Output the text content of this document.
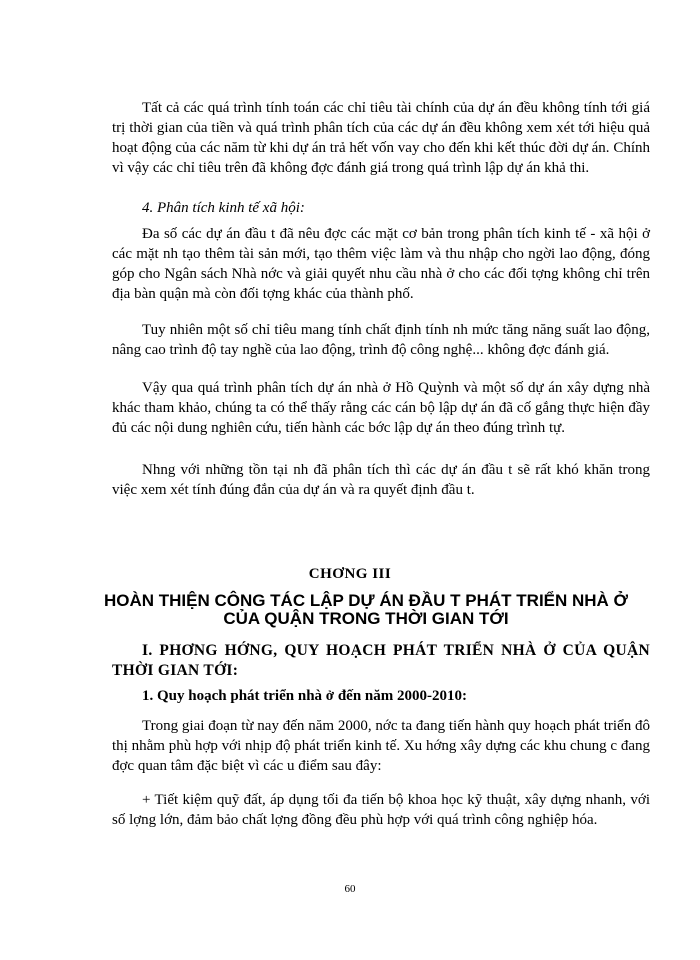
Tất cả các quá trình tính toán các chỉ tiêu tài chính của dự án đều không tính tới giá trị thời gian của tiền và quá trình phân tích của các dự án đều không xem xét tới hiệu quả hoạt động của các năm từ khi dự án trả hết vốn vay cho đến khi kết thúc đời dự án. Chính vì vậy các chỉ tiêu trên đã không đợc đánh giá trong quá trình lập dự án khả thi.

4. Phân tích kinh tế xã hội:

Đa số các dự án đầu t đã nêu đợc các mặt cơ bản trong phân tích kinh tế - xã hội ở các mặt nh tạo thêm tài sản mới, tạo thêm việc làm và thu nhập cho ngời lao động, đóng góp cho Ngân sách Nhà nớc và giải quyết nhu cầu nhà ở cho các đối tợng không chỉ trên địa bàn quận mà còn đối tợng khác của thành phố.

Tuy nhiên một số chỉ tiêu mang tính chất định tính nh mức tăng năng suất lao động, nâng cao trình độ tay nghề của lao động, trình độ công nghệ... không đợc đánh giá.

Vậy qua quá trình phân tích dự án nhà ở Hồ Quỳnh và một số dự án xây dựng nhà khác tham khảo, chúng ta có thể thấy rằng các cán bộ lập dự án đã cố gắng thực hiện đầy đủ các nội dung nghiên cứu, tiến hành các bớc lập dự án theo đúng trình tự.

Nhng với những tồn tại nh đã phân tích thì các dự án đầu t sẽ rất khó khăn trong việc xem xét tính đúng đắn của dự án và ra quyết định đầu t.

CHƠNG III

HOÀN THIỆN CÔNG TÁC LẬP DỰ ÁN ĐẦU T PHÁT TRIỂN NHÀ Ở CỦA QUẬN TRONG THỜI GIAN TỚI

I. PHƠNG HỚNG, QUY HOẠCH PHÁT TRIỂN NHÀ Ở CỦA QUẬN THỜI GIAN TỚI:

1. Quy hoạch phát triển nhà ở đến năm 2000-2010:

Trong giai đoạn từ nay đến năm 2000, nớc ta đang tiến hành quy hoạch phát triển đô thị nhằm phù hợp với nhịp độ phát triển kinh tế. Xu hớng xây dựng các khu chung c đang đợc quan tâm đặc biệt vì các u điểm sau đây:

+ Tiết kiệm quỹ đất, áp dụng tối đa tiến bộ khoa học kỹ thuật, xây dựng nhanh, với số lợng lớn, đảm bảo chất lợng đồng đều phù hợp với quá trình công nghiệp hóa.

60
